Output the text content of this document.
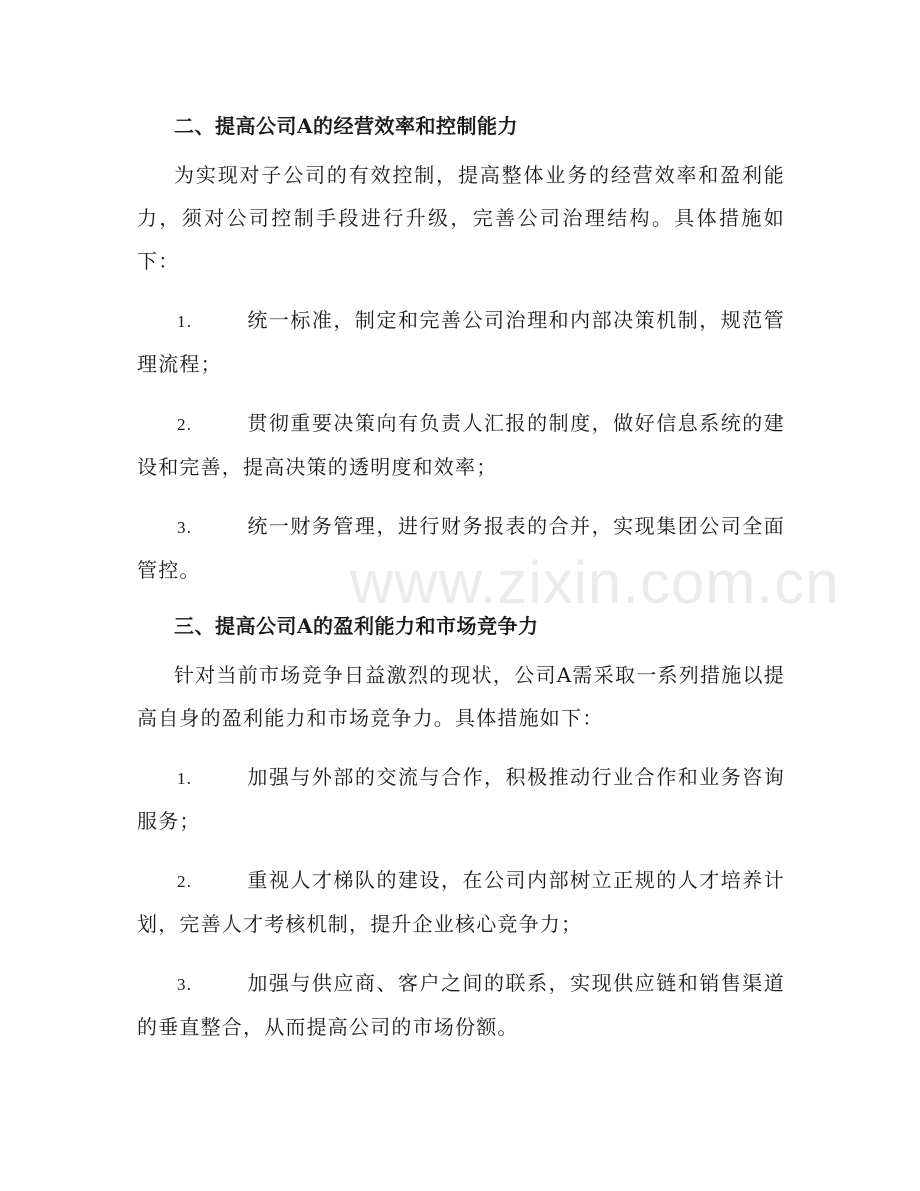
二、提高公司A的经营效率和控制能力

为实现对子公司的有效控制，提高整体业务的经营效率和盈利能力，须对公司控制手段进行升级，完善公司治理结构。具体措施如下：

1.	统一标准，制定和完善公司治理和内部决策机制，规范管理流程；
2.	贯彻重要决策向有负责人汇报的制度，做好信息系统的建设和完善，提高决策的透明度和效率；
3.	统一财务管理，进行财务报表的合并，实现集团公司全面管控。
三、提高公司A的盈利能力和市场竞争力

针对当前市场竞争日益激烈的现状，公司A需采取一系列措施以提高自身的盈利能力和市场竞争力。具体措施如下：

1.	加强与外部的交流与合作，积极推动行业合作和业务咨询服务；
2.	重视人才梯队的建设，在公司内部树立正规的人才培养计划，完善人才考核机制，提升企业核心竞争力；
3.	加强与供应商、客户之间的联系，实现供应链和销售渠道的垂直整合，从而提高公司的市场份额。
www.zixin.com.cn
